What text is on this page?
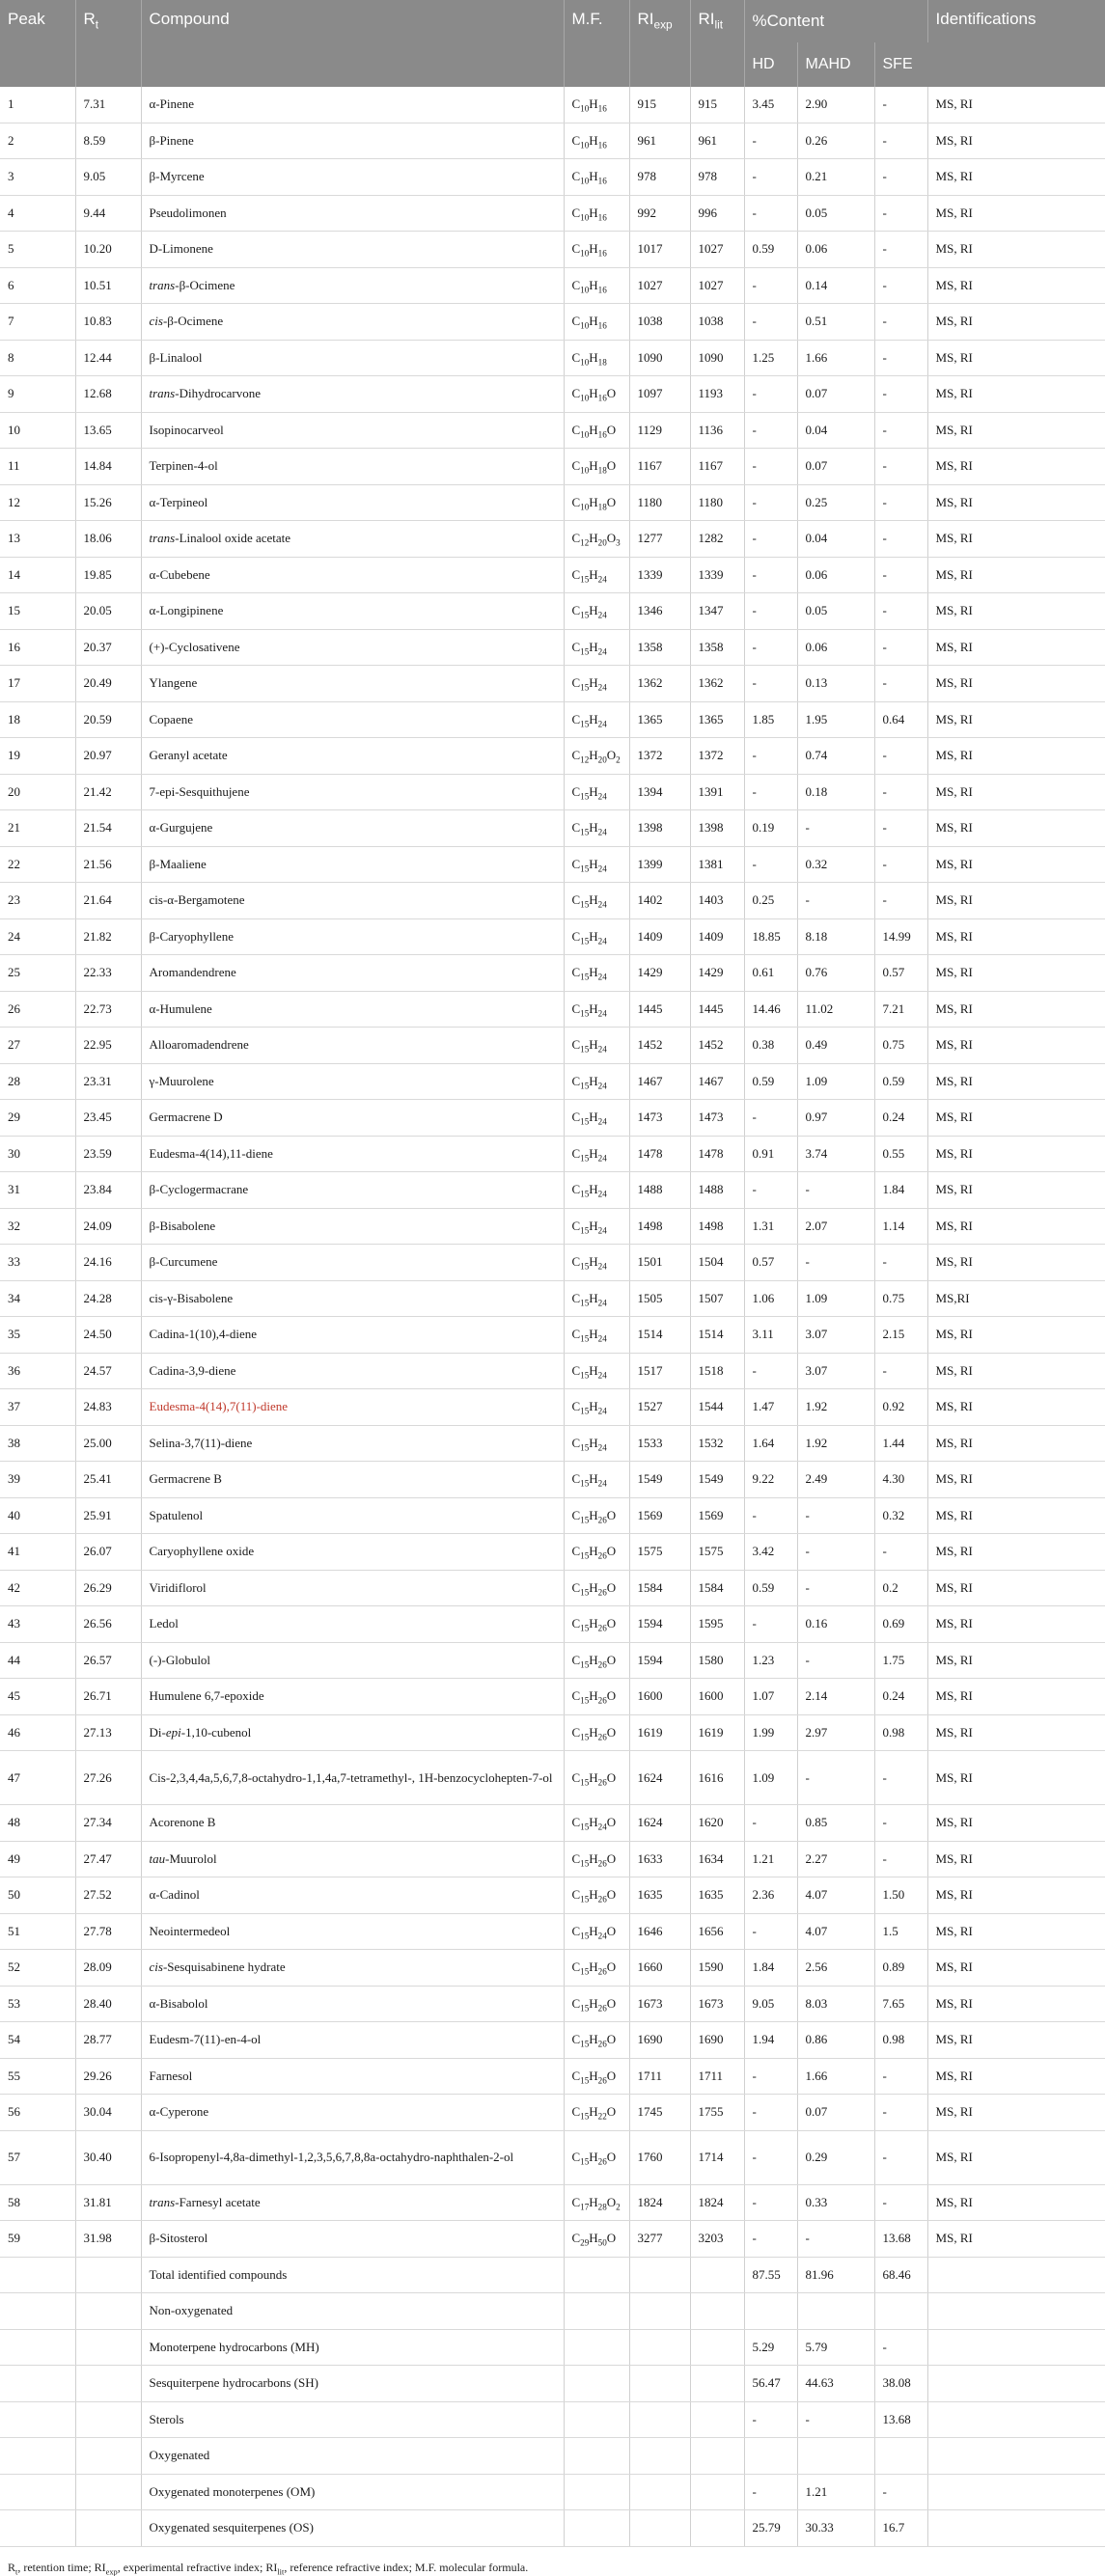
Peak	$R_t$	Compound	M.F.	$RI_{exp}$	$RI_{lit}$	%Content			Identifications
						HD	MAHD	SFE	
1	7.31	α-Pinene	$C_{10}H_{16}$	915	915	3.45	2.90	-	MS, RI
2	8.59	β-Pinene	$C_{10}H_{16}$	961	961	-	0.26	-	MS, RI
3	9.05	β-Myrcene	$C_{10}H_{16}$	978	978	-	0.21	-	MS, RI
4	9.44	Pseudolimonen	$C_{10}H_{16}$	992	996	-	0.05	-	MS, RI
5	10.20	D-Limonene	$C_{10}H_{16}$	1017	1027	0.59	0.06	-	MS, RI
6	10.51	trans-β-Ocimene	$C_{10}H_{16}$	1027	1027	-	0.14	-	MS, RI
7	10.83	cis-β-Ocimene	$C_{10}H_{16}$	1038	1038	-	0.51	-	MS, RI
8	12.44	β-Linalool	$C_{10}H_{18}$	1090	1090	1.25	1.66	-	MS, RI
9	12.68	trans-Dihydrocarvone	$C_{10}H_{16}O$	1097	1193	-	0.07	-	MS, RI
10	13.65	Isopinocarveol	$C_{10}H_{16}O$	1129	1136	-	0.04	-	MS, RI
11	14.84	Terpinen-4-ol	$C_{10}H_{18}O$	1167	1167	-	0.07	-	MS, RI
12	15.26	α-Terpineol	$C_{10}H_{18}O$	1180	1180	-	0.25	-	MS, RI
13	18.06	trans-Linalool oxide acetate	$C_{12}H_{20}O_3$	1277	1282	-	0.04	-	MS, RI
14	19.85	α-Cubebene	$C_{15}H_{24}$	1339	1339	-	0.06	-	MS, RI
15	20.05	α-Longipinene	$C_{15}H_{24}$	1346	1347	-	0.05	-	MS, RI
16	20.37	(+)-Cyclosativene	$C_{15}H_{24}$	1358	1358	-	0.06	-	MS, RI
17	20.49	Ylangene	$C_{15}H_{24}$	1362	1362	-	0.13	-	MS, RI
18	20.59	Copaene	$C_{15}H_{24}$	1365	1365	1.85	1.95	0.64	MS, RI
19	20.97	Geranyl acetate	$C_{12}H_{20}O_2$	1372	1372	-	0.74	-	MS, RI
20	21.42	7-epi-Sesquithujene	$C_{15}H_{24}$	1394	1391	-	0.18	-	MS, RI
21	21.54	α-Gurgujene	$C_{15}H_{24}$	1398	1398	0.19	-	-	MS, RI
22	21.56	β-Maaliene	$C_{15}H_{24}$	1399	1381	-	0.32	-	MS, RI
23	21.64	cis-α-Bergamotene	$C_{15}H_{24}$	1402	1403	0.25	-	-	MS, RI
24	21.82	β-Caryophyllene	$C_{15}H_{24}$	1409	1409	18.85	8.18	14.99	MS, RI
25	22.33	Aromandendrene	$C_{15}H_{24}$	1429	1429	0.61	0.76	0.57	MS, RI
26	22.73	α-Humulene	$C_{15}H_{24}$	1445	1445	14.46	11.02	7.21	MS, RI
27	22.95	Alloaromadendrene	$C_{15}H_{24}$	1452	1452	0.38	0.49	0.75	MS, RI
28	23.31	γ-Muurolene	$C_{15}H_{24}$	1467	1467	0.59	1.09	0.59	MS, RI
29	23.45	Germacrene D	$C_{15}H_{24}$	1473	1473	-	0.97	0.24	MS, RI
30	23.59	Eudesma-4(14),11-diene	$C_{15}H_{24}$	1478	1478	0.91	3.74	0.55	MS, RI
31	23.84	β-Cyclogermacrane	$C_{15}H_{24}$	1488	1488	-	-	1.84	MS, RI
32	24.09	β-Bisabolene	$C_{15}H_{24}$	1498	1498	1.31	2.07	1.14	MS, RI
33	24.16	β-Curcumene	$C_{15}H_{24}$	1501	1504	0.57	-	-	MS, RI
34	24.28	cis-γ-Bisabolene	$C_{15}H_{24}$	1505	1507	1.06	1.09	0.75	MS,RI
35	24.50	Cadina-1(10),4-diene	$C_{15}H_{24}$	1514	1514	3.11	3.07	2.15	MS, RI
36	24.57	Cadina-3,9-diene	$C_{15}H_{24}$	1517	1518	-	3.07	-	MS, RI
37	24.83	Eudesma-4(14),7(11)-diene	$C_{15}H_{24}$	1527	1544	1.47	1.92	0.92	MS, RI
38	25.00	Selina-3,7(11)-diene	$C_{15}H_{24}$	1533	1532	1.64	1.92	1.44	MS, RI
39	25.41	Germacrene B	$C_{15}H_{24}$	1549	1549	9.22	2.49	4.30	MS, RI
40	25.91	Spatulenol	$C_{15}H_{26}O$	1569	1569	-	-	0.32	MS, RI
41	26.07	Caryophyllene oxide	$C_{15}H_{26}O$	1575	1575	3.42	-	-	MS, RI
42	26.29	Viridiflorol	$C_{15}H_{26}O$	1584	1584	0.59	-	0.2	MS, RI
43	26.56	Ledol	$C_{15}H_{26}O$	1594	1595	-	0.16	0.69	MS, RI
44	26.57	(-)-Globulol	$C_{15}H_{26}O$	1594	1580	1.23	-	1.75	MS, RI
45	26.71	Humulene 6,7-epoxide	$C_{15}H_{26}O$	1600	1600	1.07	2.14	0.24	MS, RI
46	27.13	Di-epi-1,10-cubenol	$C_{15}H_{26}O$	1619	1619	1.99	2.97	0.98	MS, RI
47	27.26	Cis-2,3,4,4a,5,6,7,8-octahydro-1,1,4a,7-tetramethyl-, 1H-benzocyclohepten-7-ol	$C_{15}H_{26}O$	1624	1616	1.09	-	-	MS, RI
48	27.34	Acorenone B	$C_{15}H_{24}O$	1624	1620	-	0.85	-	MS, RI
49	27.47	tau-Muurolol	$C_{15}H_{26}O$	1633	1634	1.21	2.27	-	MS, RI
50	27.52	α-Cadinol	$C_{15}H_{26}O$	1635	1635	2.36	4.07	1.50	MS, RI
51	27.78	Neointermedeol	$C_{15}H_{24}O$	1646	1656	-	4.07	1.5	MS, RI
52	28.09	cis-Sesquisabinene hydrate	$C_{15}H_{26}O$	1660	1590	1.84	2.56	0.89	MS, RI
53	28.40	α-Bisabolol	$C_{15}H_{26}O$	1673	1673	9.05	8.03	7.65	MS, RI
54	28.77	Eudesm-7(11)-en-4-ol	$C_{15}H_{26}O$	1690	1690	1.94	0.86	0.98	MS, RI
55	29.26	Farnesol	$C_{15}H_{26}O$	1711	1711	-	1.66	-	MS, RI
56	30.04	α-Cyperone	$C_{15}H_{22}O$	1745	1755	-	0.07	-	MS, RI
57	30.40	6-Isopropenyl-4,8a-dimethyl-1,2,3,5,6,7,8,8a-octahydro-naphthalen-2-ol	$C_{15}H_{26}O$	1760	1714	-	0.29	-	MS, RI
58	31.81	trans-Farnesyl acetate	$C_{17}H_{28}O_2$	1824	1824	-	0.33	-	MS, RI
59	31.98	β-Sitosterol	$C_{29}H_{50}O$	3277	3203	-	-	13.68	MS, RI
		Total identified compounds				87.55	81.96	68.46	
		Non-oxygenated							
		Monoterpene hydrocarbons (MH)				5.29	5.79	-	
		Sesquiterpene hydrocarbons (SH)				56.47	44.63	38.08	
		Sterols				-	-	13.68	
		Oxygenated							
		Oxygenated monoterpenes (OM)				-	1.21	-	
		Oxygenated sesquiterpenes (OS)				25.79	30.33	16.7	
$R_t$, retention time; $RI_{exp}$, experimental refractive index; $RI_{lit}$, reference refractive index; M.F. molecular formula.
